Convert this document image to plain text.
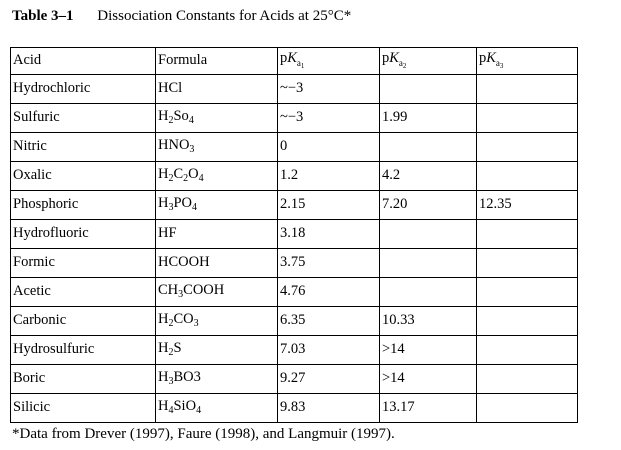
Table 3–1 Dissociation Constants for Acids at 25°C*
Acid	Formula	$pK_{a_1}$	$pK_{a_2}$	$pK_{a_3}$
Hydrochloric	HCl	~−3		
Sulfuric	$H_2So_4$	~−3	1.99	
Nitric	$HNO_3$	0		
Oxalic	$H_2C_2O_4$	1.2	4.2	
Phosphoric	$H_3PO_4$	2.15	7.20	12.35
Hydrofluoric	HF	3.18		
Formic	HCOOH	3.75		
Acetic	$CH_3COOH$	4.76		
Carbonic	$H_2CO_3$	6.35	10.33	
Hydrosulfuric	$H_2S$	7.03	>14	
Boric	$H_3BO3$	9.27	>14	
Silicic	$H_4SiO_4$	9.83	13.17	
*Data from Drever (1997), Faure (1998), and Langmuir (1997).
